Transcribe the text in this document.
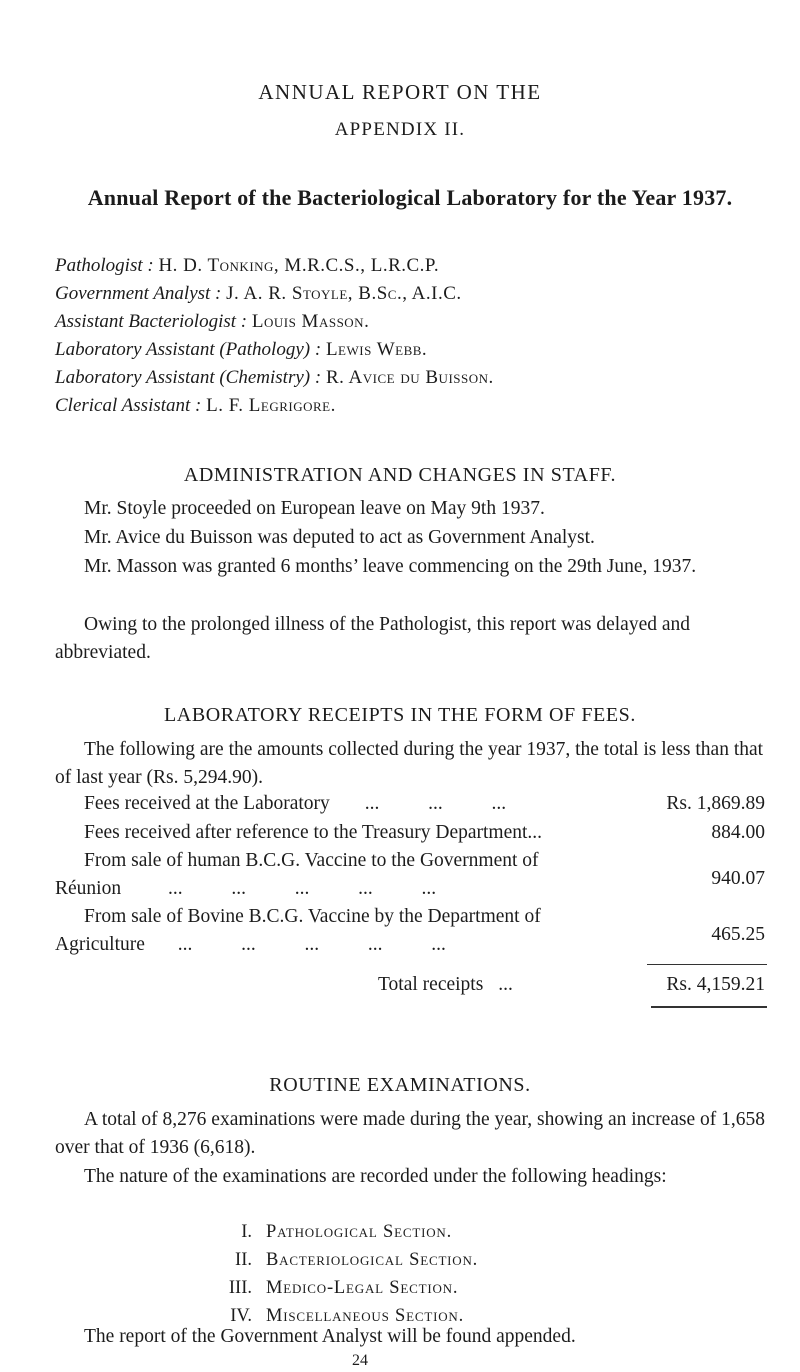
ANNUAL REPORT ON THE
APPENDIX II.
Annual Report of the Bacteriological Laboratory for the Year 1937.
Pathologist : H. D. Tonking, M.R.C.S., L.R.C.P.
Government Analyst : J. A. R. Stoyle, B.Sc., A.I.C.
Assistant Bacteriologist : Louis Masson.
Laboratory Assistant (Pathology) : Lewis Webb.
Laboratory Assistant (Chemistry) : R. Avice du Buisson.
Clerical Assistant : L. F. Legrigore.
ADMINISTRATION AND CHANGES IN STAFF.
Mr. Stoyle proceeded on European leave on May 9th 1937.
Mr. Avice du Buisson was deputed to act as Government Analyst.
Mr. Masson was granted 6 months’ leave commencing on the 29th June, 1937.
Owing to the prolonged illness of the Pathologist, this report was delayed and abbreviated.
LABORATORY RECEIPTS IN THE FORM OF FEES.
The following are the amounts collected during the year 1937, the total is less than that of last year (Rs. 5,294.90).
Fees received at the Laboratory ...          ...          ...	Rs. 1,869.89
Fees received after reference to the Treasury Department...	884.00
From sale of human B.C.G. Vaccine to the Government of
Réunion ...          ...          ...          ...          ...	940.07
From sale of Bovine B.C.G. Vaccine by the Department of
Agriculture ...          ...          ...          ...          ...	465.25
Total receipts ...	Rs. 4,159.21
ROUTINE EXAMINATIONS.
A total of 8,276 examinations were made during the year, showing an increase of 1,658 over that of 1936 (6,618).
The nature of the examinations are recorded under the following headings:
I. Pathological Section.
II. Bacteriological Section.
III. Medico-Legal Section.
IV. Miscellaneous Section.
The report of the Government Analyst will be found appended.
24
